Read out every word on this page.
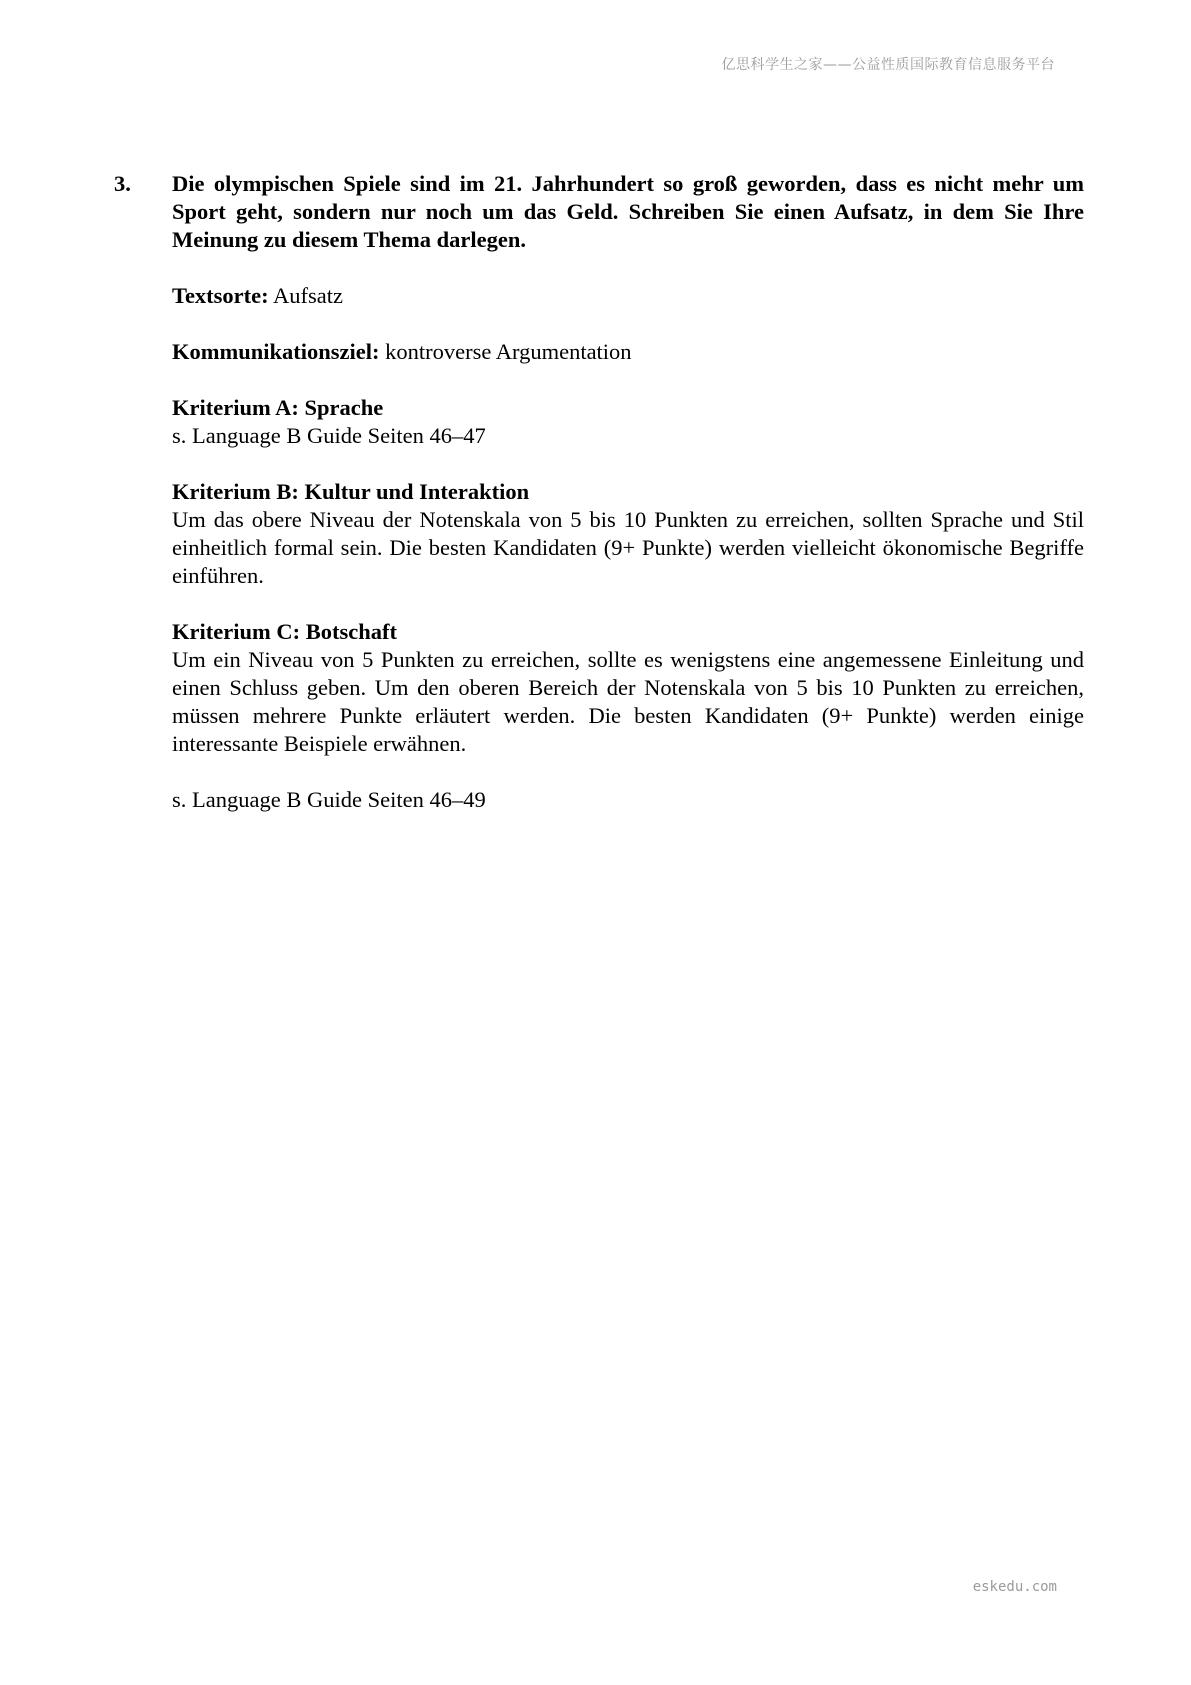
亿思科学生之家——公益性质国际教育信息服务平台
3.	Die olympischen Spiele sind im 21. Jahrhundert so groß geworden, dass es nicht mehr um Sport geht, sondern nur noch um das Geld. Schreiben Sie einen Aufsatz, in dem Sie Ihre Meinung zu diesem Thema darlegen.
Textsorte: Aufsatz
Kommunikationsziel: kontroverse Argumentation
Kriterium A: Sprache
s. Language B Guide Seiten 46–47
Kriterium B: Kultur und Interaktion
Um das obere Niveau der Notenskala von 5 bis 10 Punkten zu erreichen, sollten Sprache und Stil einheitlich formal sein. Die besten Kandidaten (9+ Punkte) werden vielleicht ökonomische Begriffe einführen.
Kriterium C: Botschaft
Um ein Niveau von 5 Punkten zu erreichen, sollte es wenigstens eine angemessene Einleitung und einen Schluss geben. Um den oberen Bereich der Notenskala von 5 bis 10 Punkten zu erreichen, müssen mehrere Punkte erläutert werden. Die besten Kandidaten (9+ Punkte) werden einige interessante Beispiele erwähnen.
s. Language B Guide Seiten 46–49
eskedu.com
